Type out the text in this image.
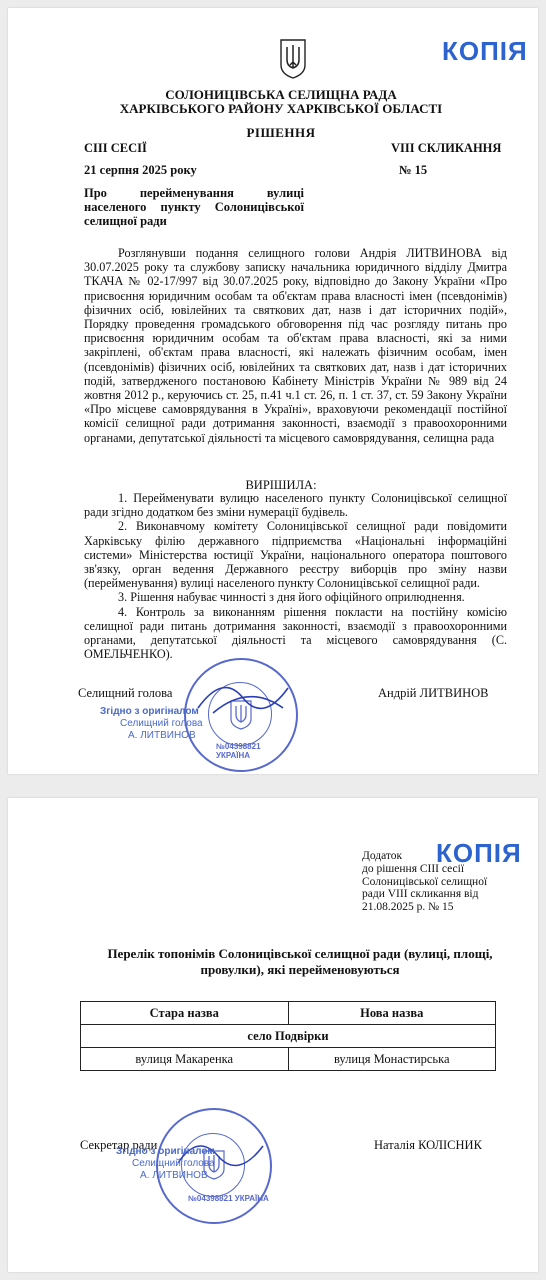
КОПІЯ
СОЛОНИЦІВСЬКА СЕЛИЩНА РАДА
ХАРКІВСЬКОГО РАЙОНУ ХАРКІВСЬКОЇ ОБЛАСТІ
РІШЕННЯ
CIII СЕСІЇ	VIII СКЛИКАННЯ
21 серпня 2025 року	№ 15
Про перейменування вулиці населеного пункту Солоницівської селищної ради

Розглянувши подання селищного голови Андрія ЛИТВИНОВА від 30.07.2025 року та службову записку начальника юридичного відділу Дмитра ТКАЧА № 02-17/997 від 30.07.2025 року, відповідно до Закону України «Про присвоєння юридичним особам та об'єктам права власності імен (псевдонімів) фізичних осіб, ювілейних та святкових дат, назв і дат історичних подій», Порядку проведення громадського обговорення під час розгляду питань про присвоєння юридичним особам та об'єктам права власності, які за ними закріплені, об'єктам права власності, які належать фізичним особам, імен (псевдонімів) фізичних осіб, ювілейних та святкових дат, назв і дат історичних подій, затвердженого постановою Кабінету Міністрів України № 989 від 24 жовтня 2012 р., керуючись ст. 25, п.41 ч.1 ст. 26, п. 1 ст. 37, ст. 59 Закону України «Про місцеве самоврядування в Україні», враховуючи рекомендації постійної комісії селищної ради дотримання законності, взаємодії з правоохоронними органами, депутатської діяльності та місцевого самоврядування, селищна рада

ВИРІШИЛА:

1. Перейменувати вулицю населеного пункту Солоницівської селищної ради згідно додатком без зміни нумерації будівель.

2. Виконавчому комітету Солоницівської селищної ради повідомити Харківську філію державного підприємства «Національні інформаційні системи» Міністерства юстиції України, національного оператора поштового зв'язку, орган ведення Державного реєстру виборців про зміну назви (перейменування) вулиці населеного пункту Солоницівської селищної ради.

3. Рішення набуває чинності з дня його офіційного оприлюднення.

4. Контроль за виконанням рішення покласти на постійну комісію селищної ради питань дотримання законності, взаємодії з правоохоронними органами, депутатської діяльності та місцевого самоврядування (С. ОМЕЛЬЧЕНКО).

Селищний голова	Андрій ЛИТВИНОВ
№04398821 УКРАЇНА
Згідно з оригіналом
Селищний голова
А. ЛИТВИНОВ
КОПІЯ
Додаток
до рішення CIII сесії
Солоницівської селищної
ради VIII скликання від
21.08.2025 р. № 15
Перелік топонімів Солоницівської селищної ради (вулиці, площі, провулки), які перейменовуються
Стара назва	Нова назва
село Подвірки	
вулиця Макаренка	вулиця Монастирська
Секретар ради	Наталія КОЛІСНИК
№04398821 УКРАЇНА
Згідно з оригіналом
Селищний голова
А. ЛИТВИНОВ
